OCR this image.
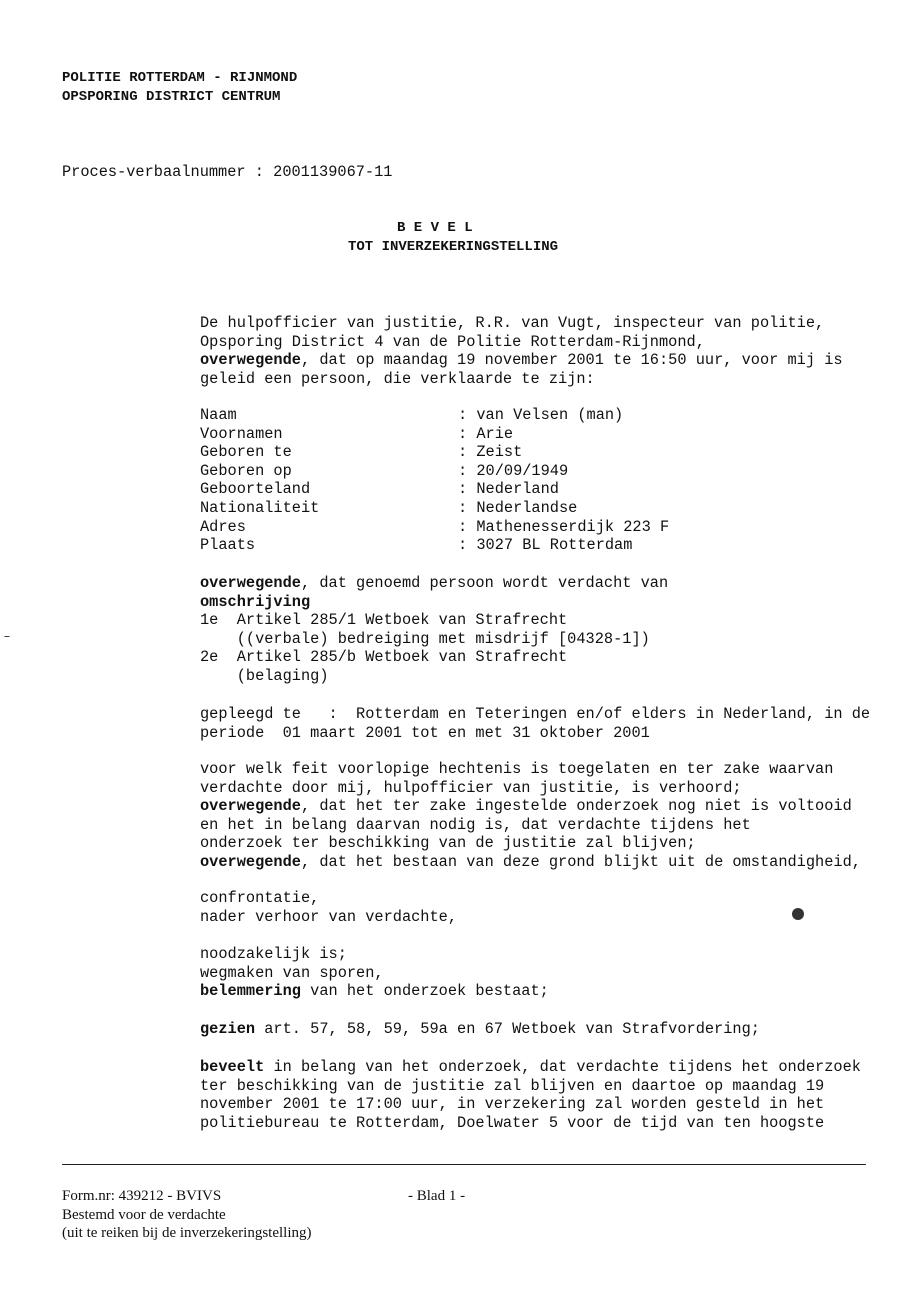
POLITIE ROTTERDAM - RIJNMOND
OPSPORING DISTRICT CENTRUM
Proces-verbaalnummer : 2001139067-11
B E V E L
TOT INVERZEKERINGSTELLING
De hulpofficier van justitie, R.R. van Vugt, inspecteur van politie,
Opsporing District 4 van de Politie Rotterdam-Rijnmond,
overwegende, dat op maandag 19 november 2001 te 16:50 uur, voor mij is
geleid een persoon, die verklaarde te zijn:
Naam	: van Velsen (man)
Voornamen	: Arie
Geboren te	: Zeist
Geboren op	: 20/09/1949
Geboorteland	: Nederland
Nationaliteit	: Nederlandse
Adres	: Mathenesserdijk 223 F
Plaats	: 3027 BL Rotterdam
overwegende, dat genoemd persoon wordt verdacht van
omschrijving
1e  Artikel 285/1 Wetboek van Strafrecht
((verbale) bedreiging met misdrijf [04328-1])
2e  Artikel 285/b Wetboek van Strafrecht
(belaging)
gepleegd te   :  Rotterdam en Teteringen en/of elders in Nederland, in de
periode  01 maart 2001 tot en met 31 oktober 2001
voor welk feit voorlopige hechtenis is toegelaten en ter zake waarvan
verdachte door mij, hulpofficier van justitie, is verhoord;
overwegende, dat het ter zake ingestelde onderzoek nog niet is voltooid
en het in belang daarvan nodig is, dat verdachte tijdens het
onderzoek ter beschikking van de justitie zal blijven;
overwegende, dat het bestaan van deze grond blijkt uit de omstandigheid,
confrontatie,
nader verhoor van verdachte,
noodzakelijk is;
wegmaken van sporen,
belemmering van het onderzoek bestaat;
gezien art. 57, 58, 59, 59a en 67 Wetboek van Strafvordering;
beveelt in belang van het onderzoek, dat verdachte tijdens het onderzoek
ter beschikking van de justitie zal blijven en daartoe op maandag 19
november 2001 te 17:00 uur, in verzekering zal worden gesteld in het
politiebureau te Rotterdam, Doelwater 5 voor de tijd van ten hoogste
Form.nr: 439212 - BVIVS	- Blad 1 -
Bestemd voor de verdachte
(uit te reiken bij de inverzekeringstelling)
